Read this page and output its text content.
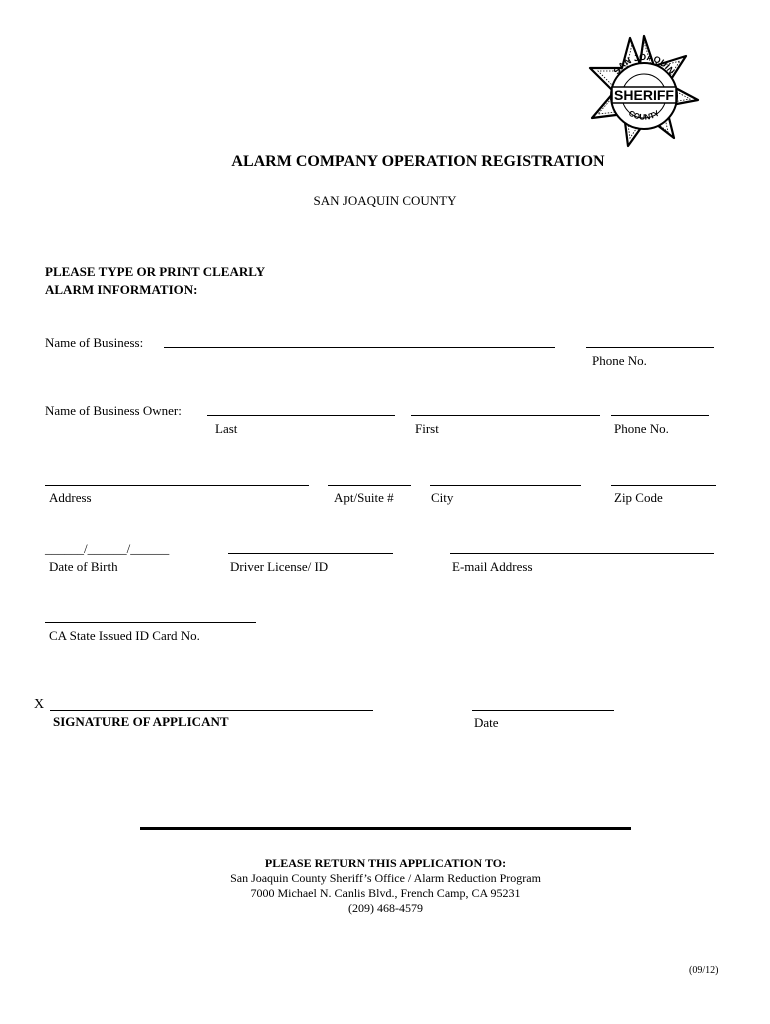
SAN JOAQUIN
COUNTY
SHERIFF
ALARM COMPANY OPERATION REGISTRATION
SAN JOAQUIN COUNTY
PLEASE TYPE OR PRINT CLEARLY
ALARM INFORMATION:
Name of Business:
Phone No.
Name of Business Owner:
Last	First	Phone No.
Address	Apt/Suite #	City	Zip Code
______/______/______
Date of Birth	Driver License/ ID	E-mail Address
CA State Issued ID Card No.
X
SIGNATURE OF APPLICANT	Date
PLEASE RETURN THIS APPLICATION TO:
San Joaquin County Sheriff’s Office / Alarm Reduction Program
7000 Michael N. Canlis Blvd., French Camp, CA 95231
(209) 468-4579
(09/12)
